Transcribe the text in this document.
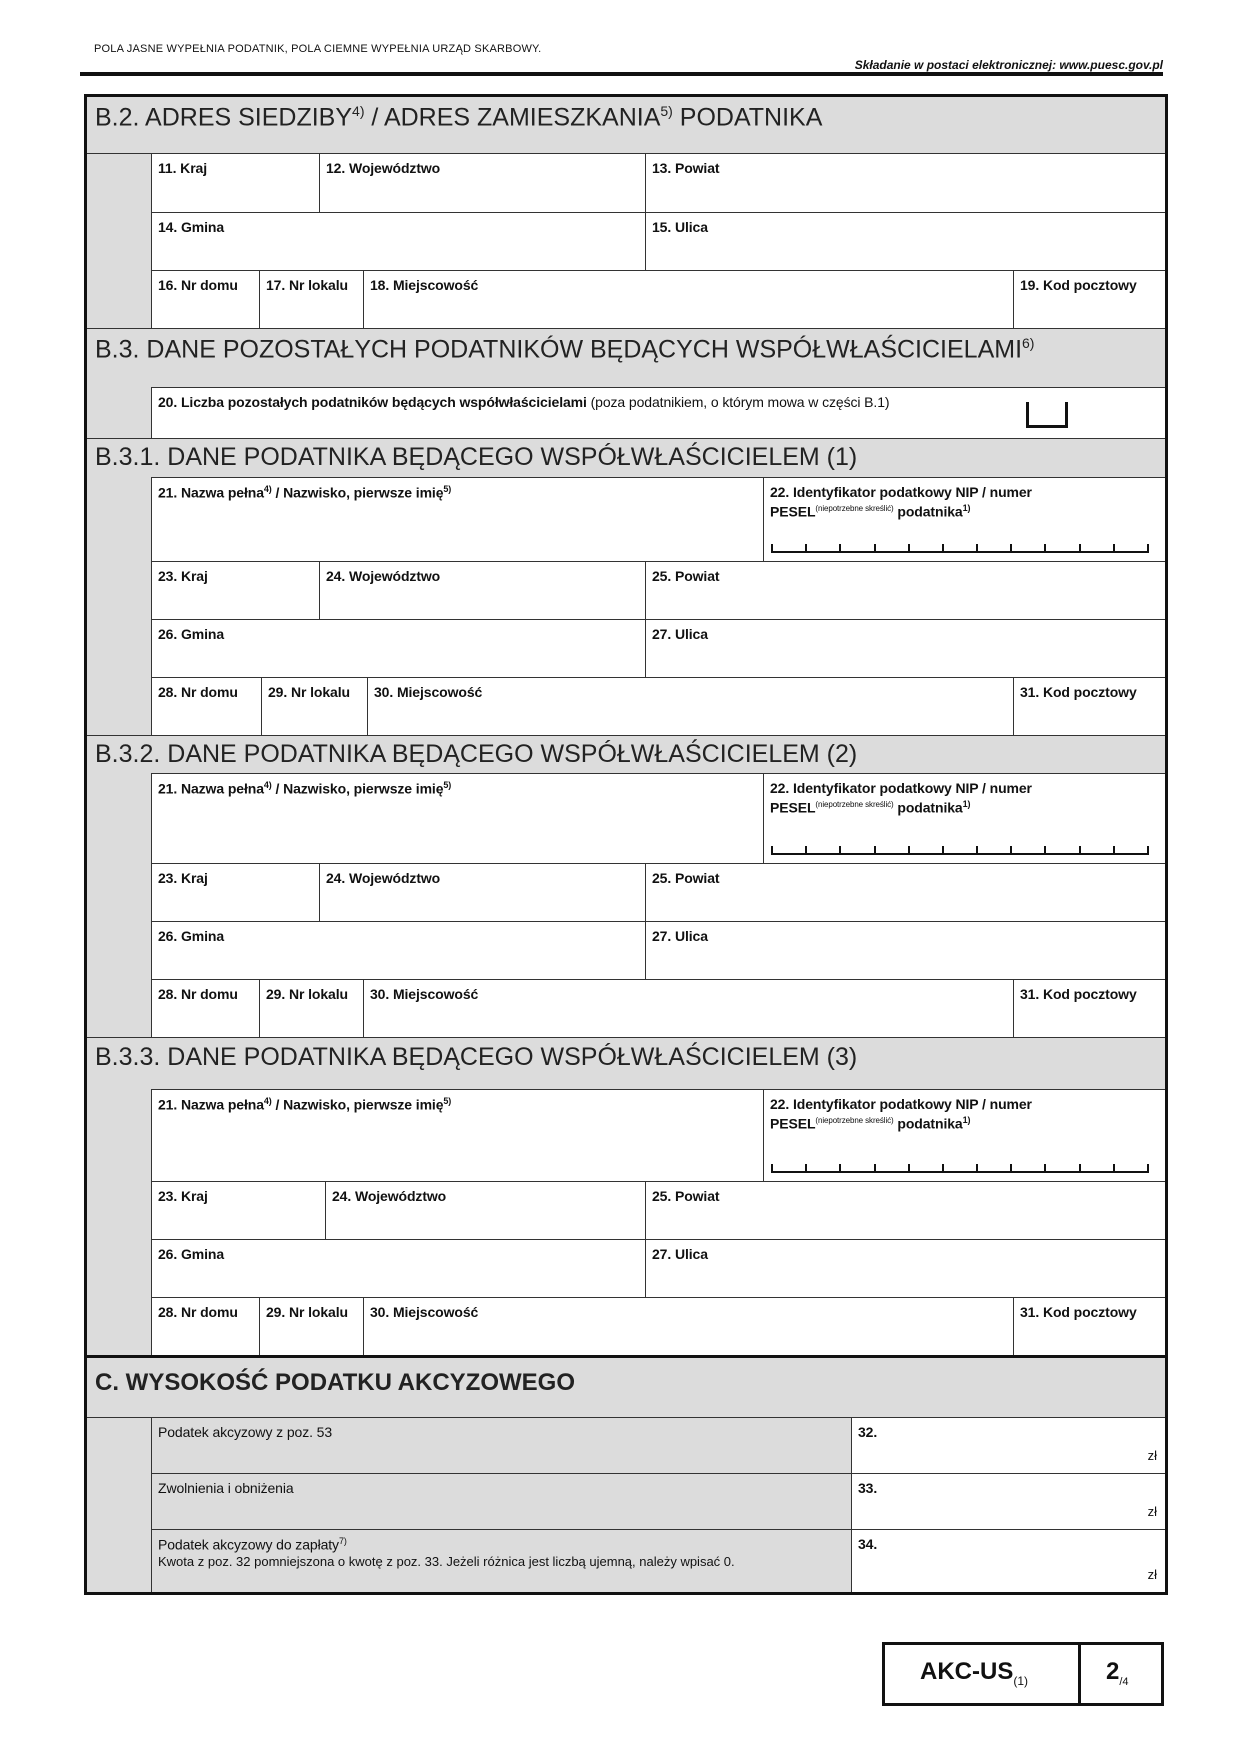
POLA JASNE WYPEŁNIA PODATNIK, POLA CIEMNE WYPEŁNIA URZĄD SKARBOWY.
Składanie w postaci elektronicznej: www.puesc.gov.pl
B.2. ADRES SIEDZIBY$^{4)}$ / ADRES ZAMIESZKANIA$^{5)}$ PODATNIKA
11. Kraj	12. Województwo	13. Powiat
14. Gmina	15. Ulica
16. Nr domu 17. Nr lokalu 18. Miejscowość	19. Kod pocztowy
B.3. DANE POZOSTAŁYCH PODATNIKÓW BĘDĄCYCH WSPÓŁWŁAŚCICIELAMI$^{6)}$
20. Liczba pozostałych podatników będących współwłaścicielami (poza podatnikiem, o którym mowa w części B.1)
B.3.1. DANE PODATNIKA BĘDĄCEGO WSPÓŁWŁAŚCICIELEM (1)
21. Nazwa pełna$^{4)}$ / Nazwisko, pierwsze imię$^{5)}$	22. Identyfikator podatkowy NIP / numer
$PESEL^{(niepotrzebne skreślić)}$ podatnika$^{1)}$
23. Kraj	24. Województwo	25. Powiat
26. Gmina	27. Ulica
28. Nr domu 29. Nr lokalu 30. Miejscowość	31. Kod pocztowy
B.3.2. DANE PODATNIKA BĘDĄCEGO WSPÓŁWŁAŚCICIELEM (2)
21. Nazwa pełna$^{4)}$ / Nazwisko, pierwsze imię$^{5)}$	22. Identyfikator podatkowy NIP / numer
$PESEL^{(niepotrzebne skreślić)}$ podatnika$^{1)}$
23. Kraj	24. Województwo	25. Powiat
26. Gmina	27. Ulica
28. Nr domu 29. Nr lokalu 30. Miejscowość	31. Kod pocztowy
B.3.3. DANE PODATNIKA BĘDĄCEGO WSPÓŁWŁAŚCICIELEM (3)
21. Nazwa pełna$^{4)}$ / Nazwisko, pierwsze imię$^{5)}$	22. Identyfikator podatkowy NIP / numer
$PESEL^{(niepotrzebne skreślić)}$ podatnika$^{1)}$
23. Kraj	24. Województwo	25. Powiat
26. Gmina	27. Ulica
28. Nr domu 29. Nr lokalu 30. Miejscowość	31. Kod pocztowy
C. WYSOKOŚĆ PODATKU AKCYZOWEGO
Podatek akcyzowy z poz. 53	32.
zł
Zwolnienia i obniżenia	33.
zł
Podatek akcyzowy do zapłaty$^{7)}$
Kwota z poz. 32 pomniejszona o kwotę z poz. 33. Jeżeli różnica jest liczbą ujemną, należy wpisać 0.
34.
zł
AKC-$US_{(1)}$	$2_{/4}$
